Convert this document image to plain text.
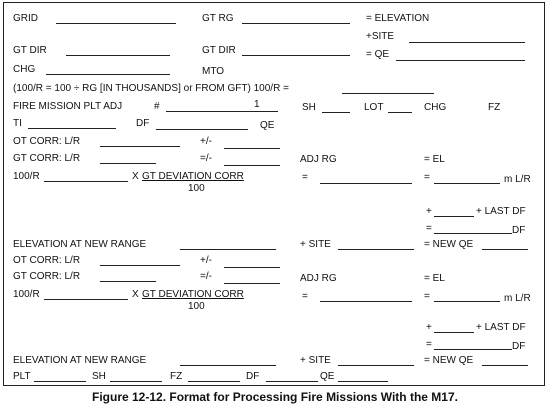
GRID	GT RG	= ELEVATION
+SITE
GT DIR	GT DIR	= QE
CHG	MTO
(100/R = 100 ÷ RG [IN THOUSANDS] or FROM GFT) 100/R =
FIRE MISSION PLT ADJ	#	1	SH	LOT	CHG	FZ
TI	DF	QE
OT CORR: L/R	+/-
GT CORR: L/R	=/-	ADJ RG	= EL
100/R	X GT DEVIATION CORR
100
=	=	m L/R
+	+ LAST DF
=	DF
ELEVATION AT NEW RANGE	+ SITE	= NEW QE
OT CORR: L/R	+/-
GT CORR: L/R	=/-	ADJ RG	= EL
100/R	X GT DEVIATION CORR
100
=	=	m L/R
+	+ LAST DF
=	DF
ELEVATION AT NEW RANGE	+ SITE	= NEW QE
PLT	SH	FZ	DF	QE
Figure 12-12. Format for Processing Fire Missions With the M17.
